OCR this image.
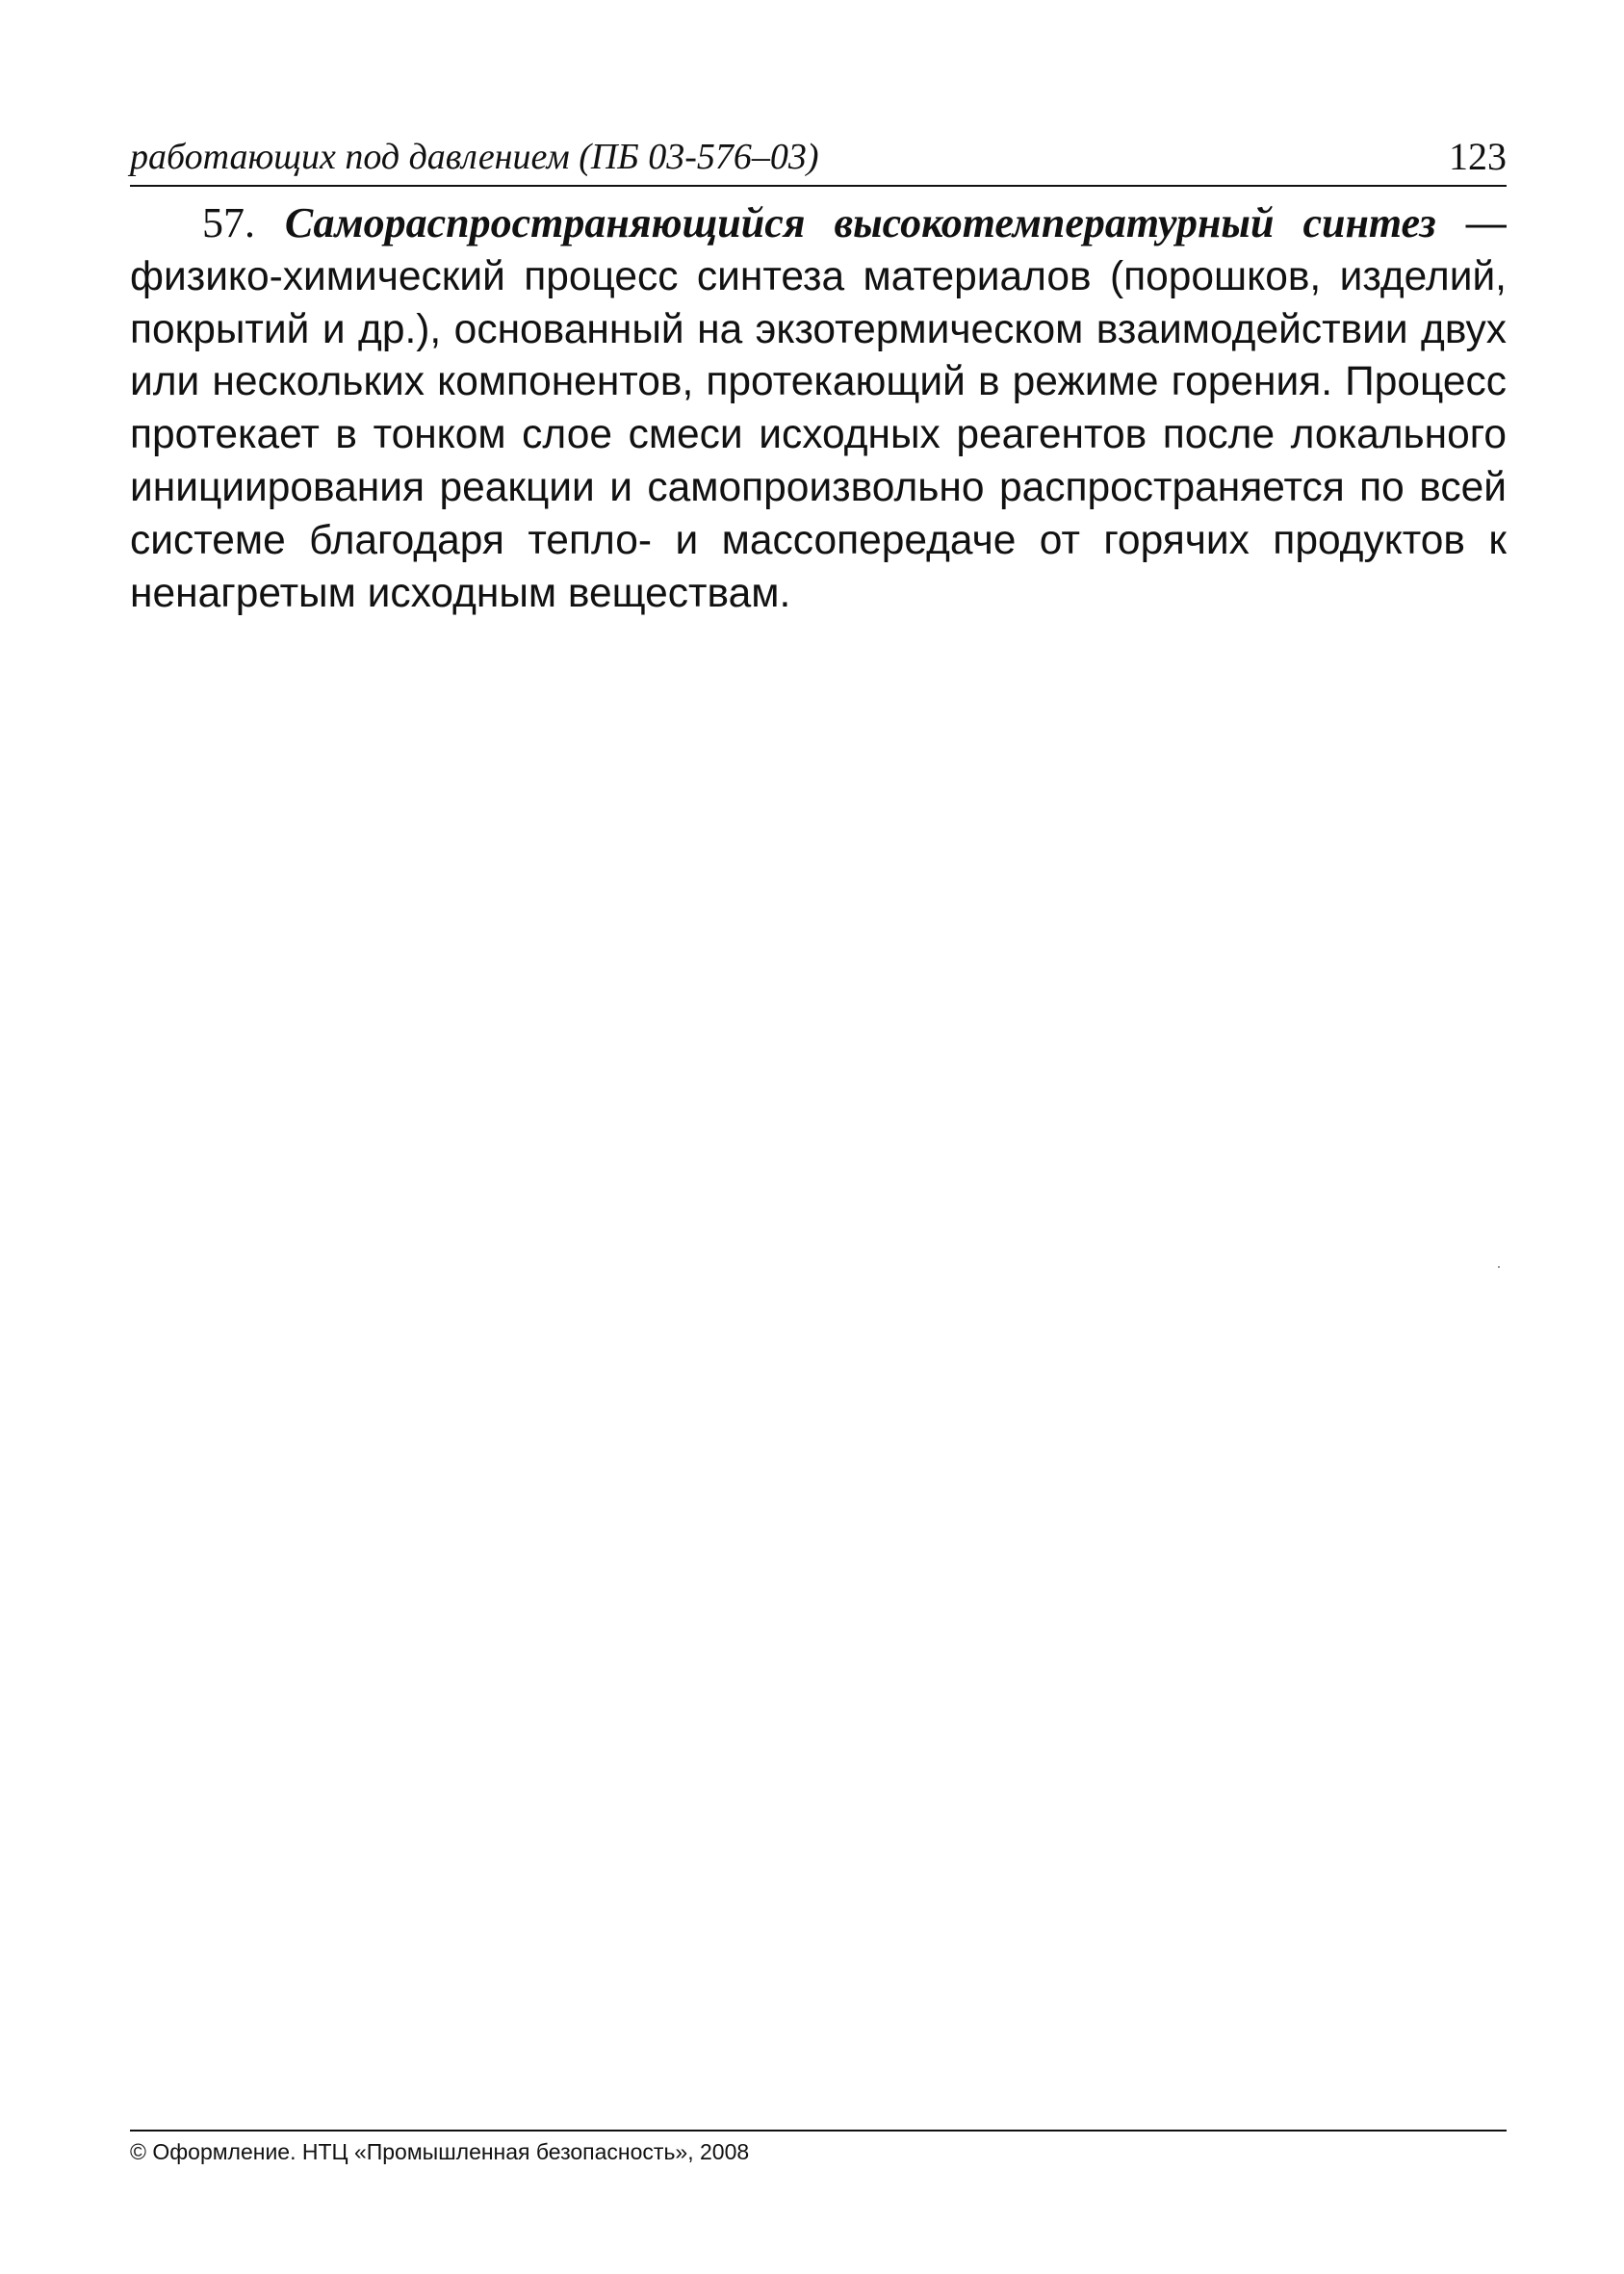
работающих под давлением (ПБ 03-576–03)	123

57. Самораспространяющийся высокотемпературный синтез — физико-химический процесс синтеза материалов (порошков, изделий, покрытий и др.), основанный на экзотермическом взаимодействии двух или нескольких компонентов, протекающий в режиме горения. Процесс протекает в тонком слое смеси исходных реагентов после локального инициирования реакции и самопроизвольно распространяется по всей системе благодаря тепло- и массопередаче от горячих продуктов к ненагретым исходным веществам.

© Оформление. НТЦ «Промышленная безопасность», 2008
